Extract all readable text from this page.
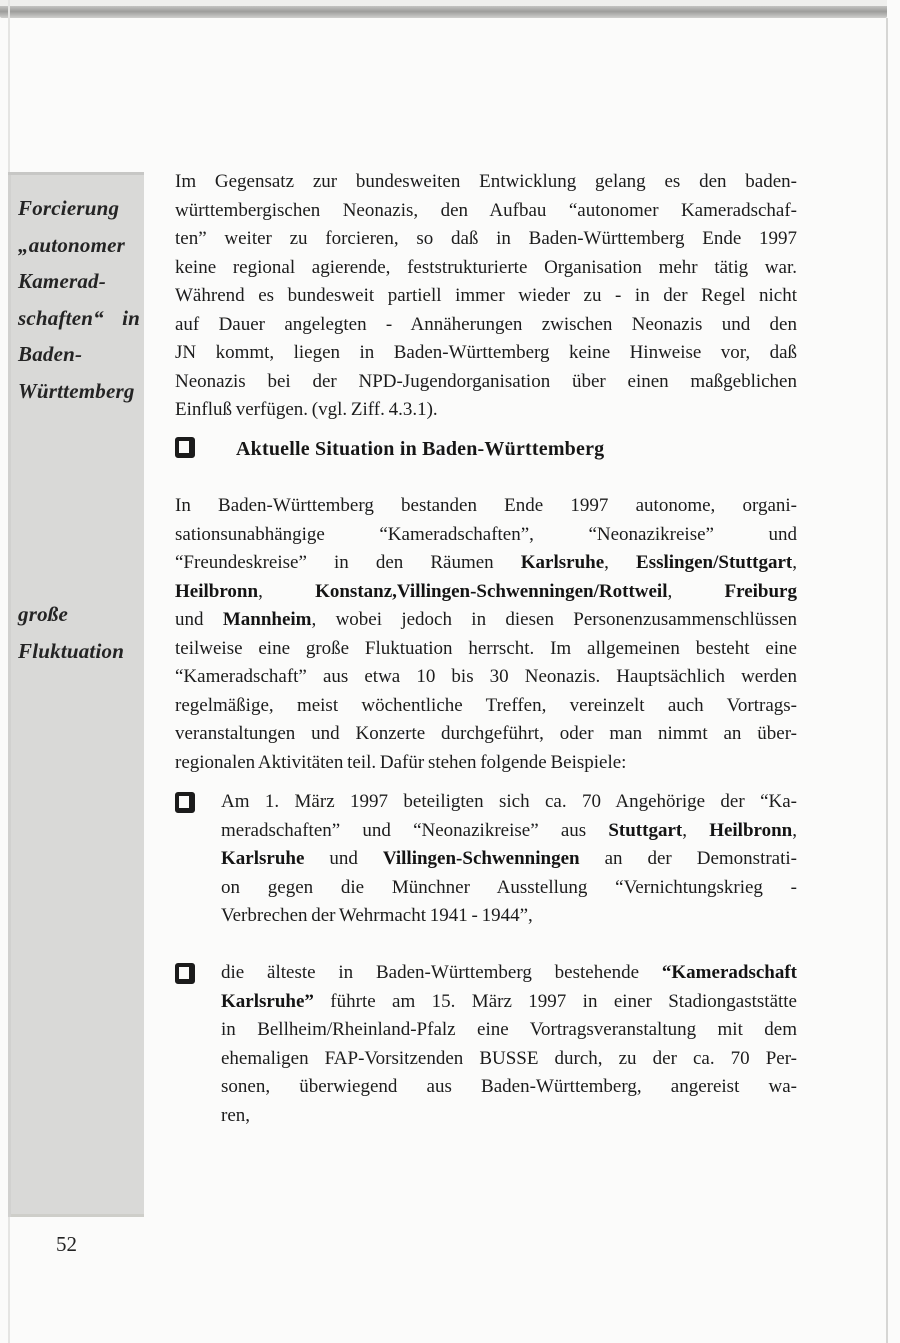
Forcierung
„autonomer
Kamerad-
schaften“ in
Baden-
Württemberg
große
Fluktuation
Im Gegensatz zur bundesweiten Entwicklung gelang es den baden-
württembergischen Neonazis, den Aufbau “autonomer Kameradschaf-
ten” weiter zu forcieren, so daß in Baden-Württemberg Ende 1997
keine regional agierende, feststrukturierte Organisation mehr tätig war.
Während es bundesweit partiell immer wieder zu - in der Regel nicht
auf Dauer angelegten - Annäherungen zwischen Neonazis und den
JN kommt, liegen in Baden-Württemberg keine Hinweise vor, daß
Neonazis bei der NPD-Jugendorganisation über einen maßgeblichen
Einfluß verfügen. (vgl. Ziff. 4.3.1).
Aktuelle Situation in Baden-Württemberg
In Baden-Württemberg bestanden Ende 1997 autonome, organi-
sationsunabhängige “Kameradschaften”, “Neonazikreise” und
“Freundeskreise” in den Räumen Karlsruhe, Esslingen/Stuttgart,
Heilbronn, Konstanz,Villingen-Schwenningen/Rottweil, Freiburg
und Mannheim, wobei jedoch in diesen Personenzusammenschlüssen
teilweise eine große Fluktuation herrscht. Im allgemeinen besteht eine
“Kameradschaft” aus etwa 10 bis 30 Neonazis. Hauptsächlich werden
regelmäßige, meist wöchentliche Treffen, vereinzelt auch Vortrags-
veranstaltungen und Konzerte durchgeführt, oder man nimmt an über-
regionalen Aktivitäten teil. Dafür stehen folgende Beispiele:
Am 1. März 1997 beteiligten sich ca. 70 Angehörige der “Ka-
meradschaften” und “Neonazikreise” aus Stuttgart, Heilbronn,
Karlsruhe und Villingen-Schwenningen an der Demonstrati-
on gegen die Münchner Ausstellung “Vernichtungskrieg -
Verbrechen der Wehrmacht 1941 - 1944”,
die älteste in Baden-Württemberg bestehende “Kameradschaft
Karlsruhe” führte am 15. März 1997 in einer Stadiongaststätte
in Bellheim/Rheinland-Pfalz eine Vortragsveranstaltung mit dem
ehemaligen FAP-Vorsitzenden BUSSE durch, zu der ca. 70 Per-
sonen, überwiegend aus Baden-Württemberg, angereist wa-
ren,
52
